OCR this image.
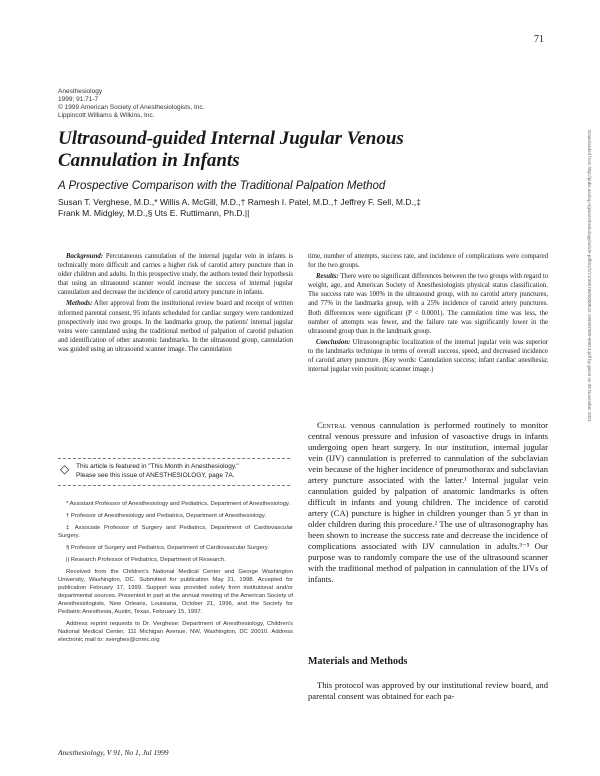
71
Anesthesiology
1999; 91:71-7
© 1999 American Society of Anesthesiologists, Inc.
Lippincott Williams & Wilkins, Inc.
Ultrasound-guided Internal Jugular Venous Cannulation in Infants
A Prospective Comparison with the Traditional Palpation Method
Susan T. Verghese, M.D.,* Willis A. McGill, M.D.,† Ramesh I. Patel, M.D.,† Jeffrey F. Sell, M.D.,‡
Frank M. Midgley, M.D.,§ Uts E. Ruttimann, Ph.D.||	Downloaded from http://pubs.asahq.org/anesthesiology/article-pdf/91/1/71/396786/0000542-199907000-00013.pdf by guest on 08 November 2021

Background: Percutaneous cannulation of the internal jugular vein in infants is technically more difficult and carries a higher risk of carotid artery puncture than in older children and adults. In this prospective study, the authors tested their hypothesis that using an ultrasound scanner would increase the success of internal jugular cannulation and decrease the incidence of carotid artery puncture in infants.

Methods: After approval from the institutional review board and receipt of written informed parental consent, 95 infants scheduled for cardiac surgery were randomized prospectively into two groups. In the landmarks group, the patients' internal jugular veins were cannulated using the traditional method of palpation of carotid pulsation and identification of other anatomic landmarks. In the ultrasound group, cannulation was guided using an ultrasound scanner image. The cannulation

time, number of attempts, success rate, and incidence of complications were compared for the two groups.

Results: There were no significant differences between the two groups with regard to weight, age, and American Society of Anesthesiologists physical status classification. The success rate was 100% in the ultrasound group, with no carotid artery punctures, and 77% in the landmarks group, with a 25% incidence of carotid artery punctures. Both differences were significant (P < 0.0001). The cannulation time was less, the number of attempts was fewer, and the failure rate was significantly lower in the ultrasound group than in the landmark group.

Conclusion: Ultrasonographic localization of the internal jugular vein was superior to the landmarks technique in terms of overall success, speed, and decreased incidence of carotid artery puncture. (Key words: Cannulation success; infant cardiac anesthesia; internal jugular vein position; scanner image.)

◇ This article is featured in "This Month in Anesthesiology."
Please see this issue of ANESTHESIOLOGY, page 7A.

* Assistant Professor of Anesthesiology and Pediatrics, Department of Anesthesiology.

† Professor of Anesthesiology and Pediatrics, Department of Anesthesiology.

‡ Associate Professor of Surgery and Pediatrics, Department of Cardiovascular Surgery.

§ Professor of Surgery and Pediatrics, Department of Cardiovascular Surgery.

|| Research Professor of Pediatrics, Department of Research.

Received from the Children's National Medical Center and George Washington University, Washington, DC. Submitted for publication May 21, 1998. Accepted for publication February 17, 1999. Support was provided solely from institutional and/or departmental sources. Presented in part at the annual meeting of the American Society of Anesthesiologists, New Orleans, Louisiana, October 21, 1996, and the Society for Pediatric Anesthesia, Austin, Texas, February 15, 1997.

Address reprint requests to Dr. Verghese: Department of Anesthesiology, Children's National Medical Center, 111 Michigan Avenue, NW, Washington, DC 20010. Address electronic mail to: sverghes@cnmc.org

Central venous cannulation is performed routinely to monitor central venous pressure and infusion of vasoactive drugs in infants undergoing open heart surgery. In our institution, internal jugular vein (IJV) cannulation is preferred to cannulation of the subclavian vein because of the higher incidence of pneumothorax and subclavian artery puncture associated with the latter.¹ Internal jugular vein cannulation guided by palpation of anatomic landmarks is often difficult in infants and young children. The incidence of carotid artery (CA) puncture is higher in children younger than 5 yr than in older children during this procedure.² The use of ultrasonography has been shown to increase the success rate and decrease the incidence of complications associated with IJV cannulation in adults.³⁻⁵ Our purpose was to randomly compare the use of the ultrasound scanner with the traditional method of palpation in cannulation of the IJVs of infants.

Materials and Methods
This protocol was approved by our institutional review board, and parental consent was obtained for each pa-
Anesthesiology, V 91, No 1, Jul 1999
